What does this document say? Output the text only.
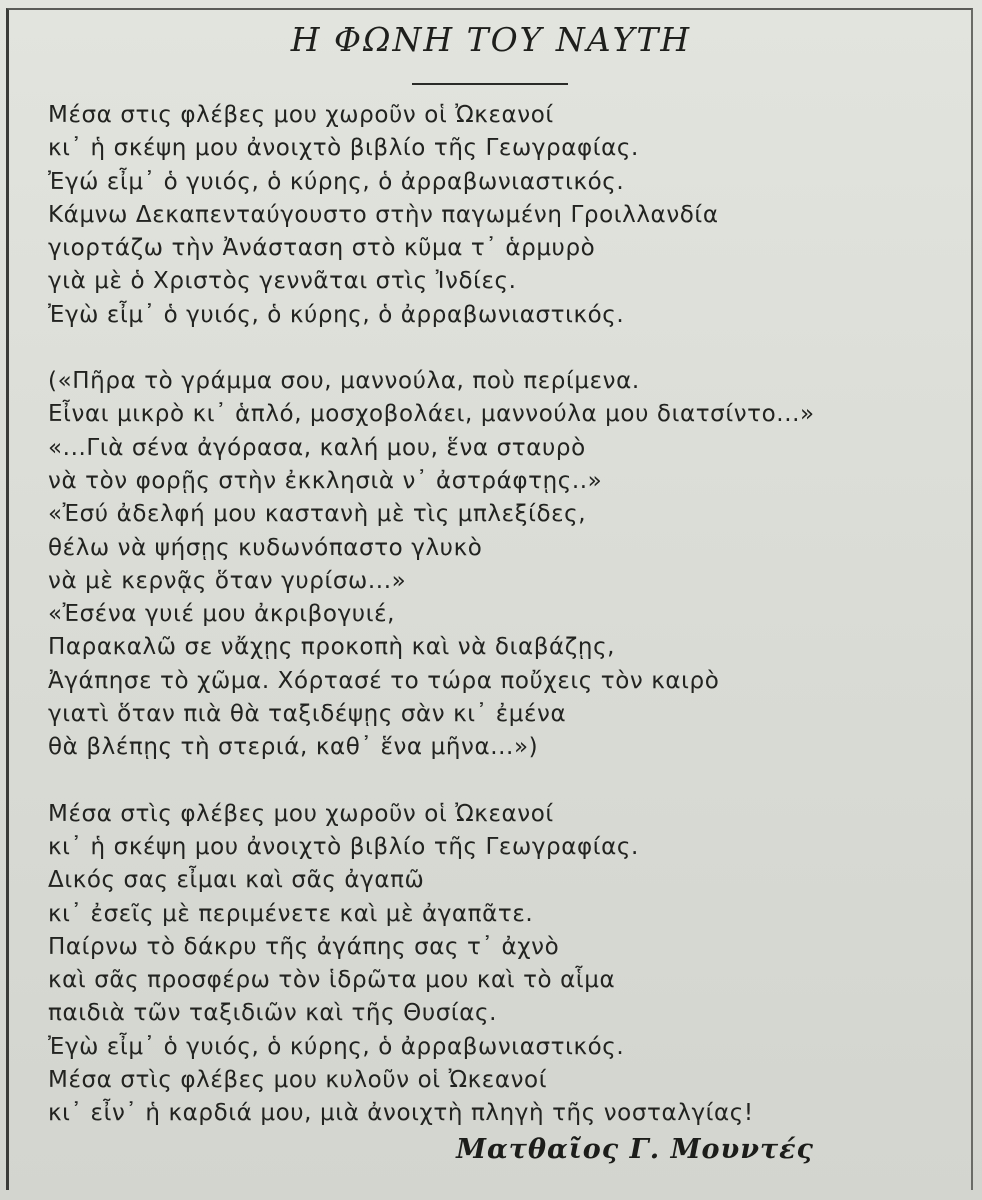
Η ΦΩΝΗ ΤΟΥ ΝΑΥΤΗ
Μέσα στις φλέβες μου χωροῦν οἱ Ὠκεανοί
κι᾽ ἡ σκέψη μου ἀνοιχτὸ βιβλίο τῆς Γεωγραφίας.
Ἐγώ εἶμ᾽ ὁ γυιός, ὁ κύρης, ὁ ἀρραβωνιαστικός.
Κάμνω Δεκαπενταύγουστο στὴν παγωμένη Γροιλλανδία
γιορτάζω τὴν Ἀνάσταση στὸ κῦμα τ᾽ ἁρμυρὸ
γιὰ μὲ ὁ Χριστὸς γεννᾶται στὶς Ἰνδίες.
Ἐγὼ εἶμ᾽ ὁ γυιός, ὁ κύρης, ὁ ἀρραβωνιαστικός.
(«Πῆρα τὸ γράμμα σου, μαννούλα, ποὺ περίμενα.
Εἶναι μικρὸ κι᾽ ἁπλό, μοσχοβολάει, μαννούλα μου διατσίντο...»
«...Γιὰ σένα ἀγόρασα, καλή μου, ἕνα σταυρὸ
νὰ τὸν φορῇς στὴν ἐκκλησιὰ ν᾽ ἀστράφτῃς..»
«Ἐσύ ἀδελφή μου καστανὴ μὲ τὶς μπλεξίδες,
θέλω νὰ ψήσῃς κυδωνόπαστο γλυκὸ
νὰ μὲ κερνᾷς ὅταν γυρίσω...»
«Ἐσένα γυιέ μου ἀκριβογυιέ,
Παρακαλῶ σε νἄχῃς προκοπὴ καὶ νὰ διαβάζῃς,
Ἀγάπησε τὸ χῶμα. Χόρτασέ το τώρα ποὔχεις τὸν καιρὸ
γιατὶ ὅταν πιὰ θὰ ταξιδέψῃς σὰν κι᾽ ἐμένα
θὰ βλέπῃς τὴ στεριά, καθ᾽ ἕνα μῆνα...»)
Μέσα στὶς φλέβες μου χωροῦν οἱ Ὠκεανοί
κι᾽ ἡ σκέψη μου ἀνοιχτὸ βιβλίο τῆς Γεωγραφίας.
Δικός σας εἶμαι καὶ σᾶς ἀγαπῶ
κι᾽ ἐσεῖς μὲ περιμένετε καὶ μὲ ἀγαπᾶτε.
Παίρνω τὸ δάκρυ τῆς ἀγάπης σας τ᾽ ἀχνὸ
καὶ σᾶς προσφέρω τὸν ἱδρῶτα μου καὶ τὸ αἷμα
παιδιὰ τῶν ταξιδιῶν καὶ τῆς Θυσίας.
Ἐγὼ εἶμ᾽ ὁ γυιός, ὁ κύρης, ὁ ἀρραβωνιαστικός.
Μέσα στὶς φλέβες μου κυλοῦν οἱ Ὠκεανοί
κι᾽ εἶν᾽ ἡ καρδιά μου, μιὰ ἀνοιχτὴ πληγὴ τῆς νοσταλγίας!
Ματθαῖος Γ. Μουντές
